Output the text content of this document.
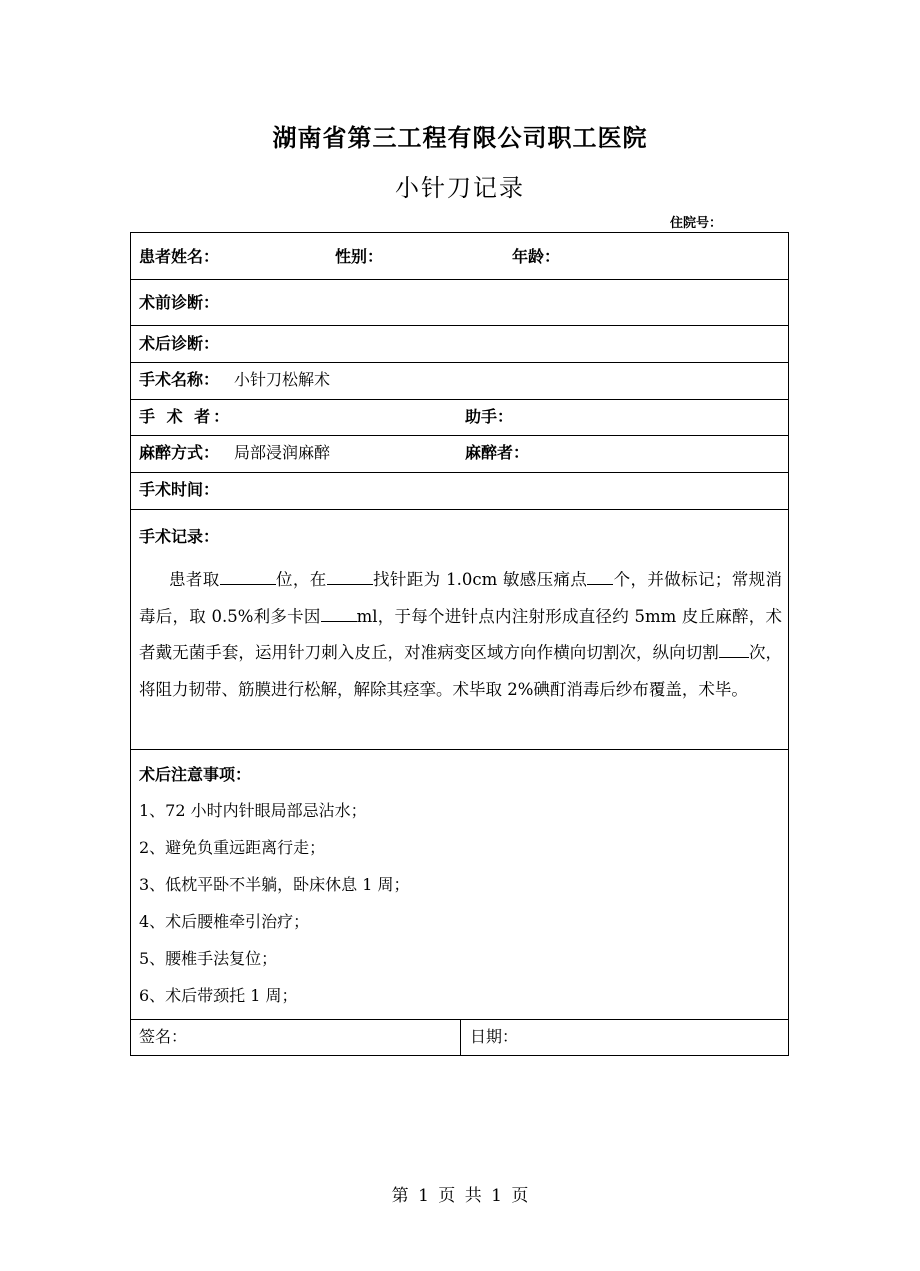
湖南省第三工程有限公司职工医院
小针刀记录
住院号：
患者姓名：	性别：	年龄：
术前诊断：
术后诊断：
手术名称： 小针刀松解术
手 术 者：	助手：
麻醉方式： 局部浸润麻醉	麻醉者：
手术时间：
手术记录：
患者取	位，在	找针距为 1.0cm 敏感压痛点 个，并做标记；常规消毒后，取 0.5%利多卡因 ml，于每个进针点内注射形成直径约 5mm 皮丘麻醉，术者戴无菌手套，运用针刀刺入皮丘，对准病变区域方向作横向切割次，纵向切割 次，将阻力韧带、筋膜进行松解，解除其痉挛。术毕取 2%碘酊消毒后纱布覆盖，术毕。
术后注意事项：
1、72 小时内针眼局部忌沾水；
2、避免负重远距离行走；
3、低枕平卧不半躺，卧床休息 1 周；
4、术后腰椎牵引治疗；
5、腰椎手法复位；
6、术后带颈托 1 周；
签名：	日期：
第 1 页 共 1 页
